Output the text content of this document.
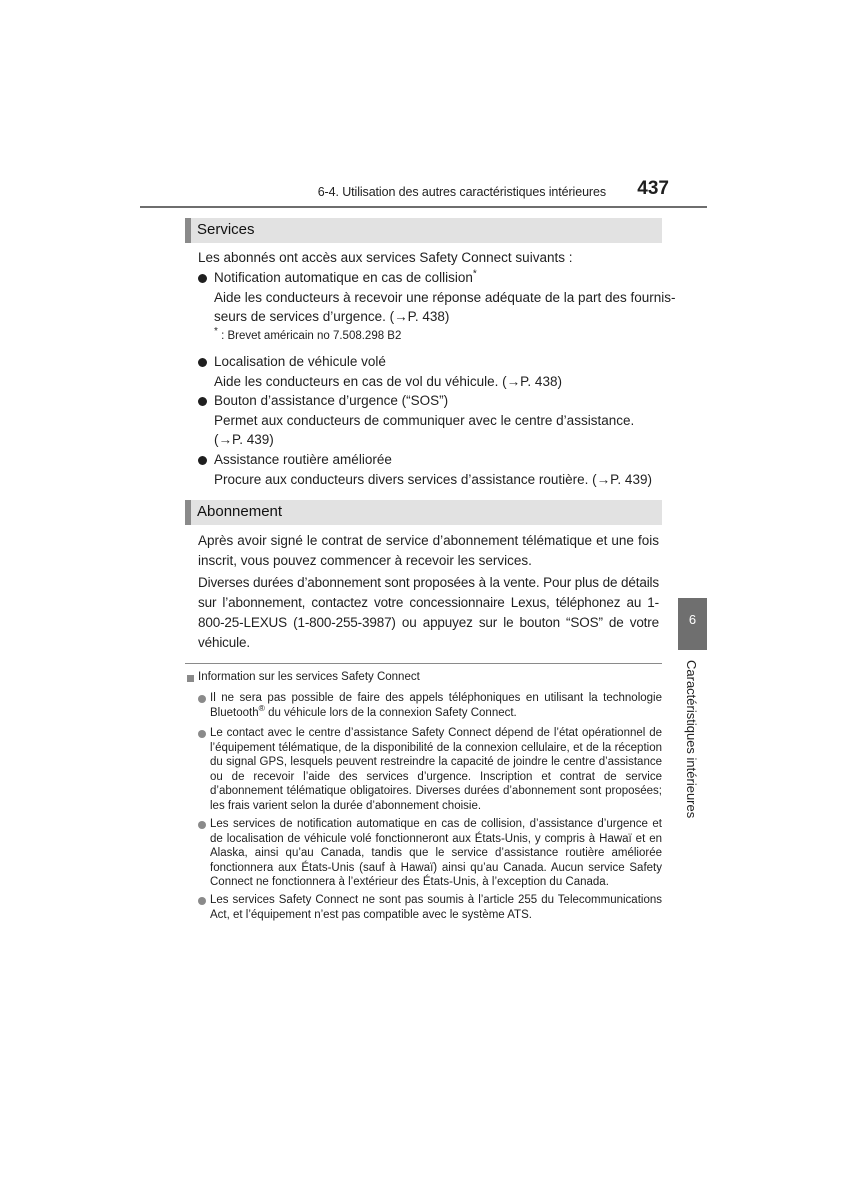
6-4. Utilisation des autres caractéristiques intérieures 437
Services
Les abonnés ont accès aux services Safety Connect suivants :
Notification automatique en cas de collision*
Aide les conducteurs à recevoir une réponse adéquate de la part des fournis-
seurs de services d’urgence. (→P. 438)
* : Brevet américain no 7.508.298 B2
Localisation de véhicule volé
Aide les conducteurs en cas de vol du véhicule. (→P. 438)
Bouton d’assistance d’urgence (“SOS”)
Permet aux conducteurs de communiquer avec le centre d’assistance.
(→P. 439)
Assistance routière améliorée
Procure aux conducteurs divers services d’assistance routière. (→P. 439)
Abonnement
Après avoir signé le contrat de service d’abonnement télématique et une fois inscrit, vous pouvez commencer à recevoir les services.
Diverses durées d’abonnement sont proposées à la vente. Pour plus de détails sur l’abonnement, contactez votre concessionnaire Lexus, téléphonez au 1-800-25-LEXUS (1-800-255-3987) ou appuyez sur le bouton “SOS” de votre véhicule.
6
Caractéristiques intérieures
Information sur les services Safety Connect
Il ne sera pas possible de faire des appels téléphoniques en utilisant la technologie Bluetooth® du véhicule lors de la connexion Safety Connect.
Le contact avec le centre d’assistance Safety Connect dépend de l’état opérationnel de l’équipement télématique, de la disponibilité de la connexion cellulaire, et de la réception du signal GPS, lesquels peuvent restreindre la capacité de joindre le centre d’assistance ou de recevoir l’aide des services d’urgence. Inscription et contrat de service d’abonnement télématique obligatoires. Diverses durées d’abonnement sont proposées; les frais varient selon la durée d’abonnement choisie.
Les services de notification automatique en cas de collision, d’assistance d’urgence et de localisation de véhicule volé fonctionneront aux États-Unis, y compris à Hawaï et en Alaska, ainsi qu’au Canada, tandis que le service d’assistance routière améliorée fonctionnera aux États-Unis (sauf à Hawaï) ainsi qu’au Canada. Aucun service Safety Connect ne fonctionnera à l’extérieur des États-Unis, à l’exception du Canada.
Les services Safety Connect ne sont pas soumis à l’article 255 du Telecommunications Act, et l’équipement n’est pas compatible avec le système ATS.
